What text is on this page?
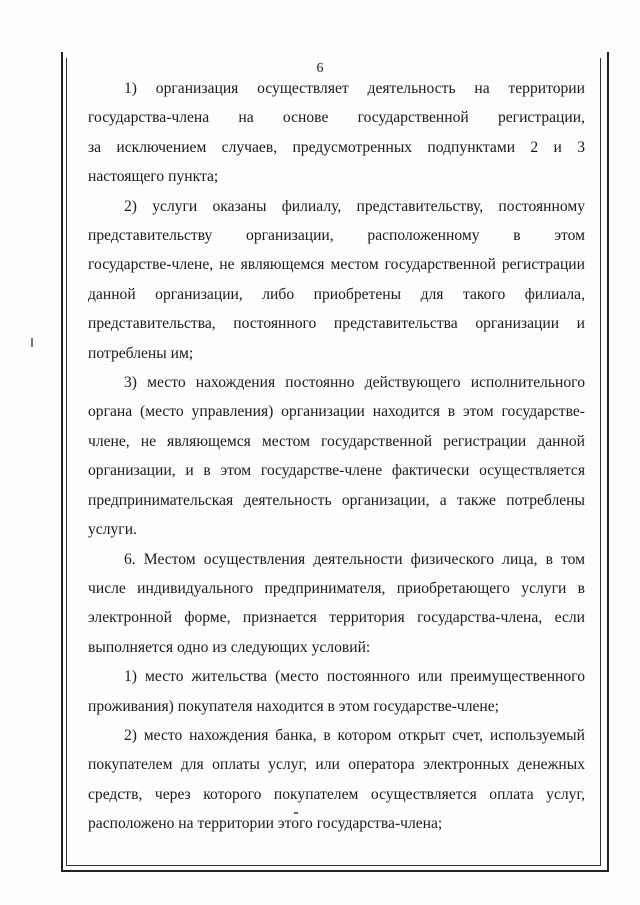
6

1) организация осуществляет деятельность на территории
государства-члена на основе государственной регистрации,
за исключением случаев, предусмотренных подпунктами 2 и 3
настоящего пункта;

2) услуги оказаны филиалу, представительству, постоянному
представительству организации, расположенному в этом
государстве-члене, не являющемся местом государственной регистрации
данной организации, либо приобретены для такого филиала,
представительства, постоянного представительства организации и
потреблены им;

3) место нахождения постоянно действующего исполнительного
органа (место управления) организации находится в этом государстве-
члене, не являющемся местом государственной регистрации данной
организации, и в этом государстве-члене фактически осуществляется
предпринимательская деятельность организации, а также потреблены
услуги.

6. Местом осуществления деятельности физического лица, в том
числе индивидуального предпринимателя, приобретающего услуги в
электронной форме, признается территория государства-члена, если
выполняется одно из следующих условий:

1) место жительства (место постоянного или преимущественного
проживания) покупателя находится в этом государстве-члене;

2) место нахождения банка, в котором открыт счет, используемый
покупателем для оплаты услуг, или оператора электронных денежных
средств, через которого покупателем осуществляется оплата услуг,
расположено на территории этого государства-члена;
